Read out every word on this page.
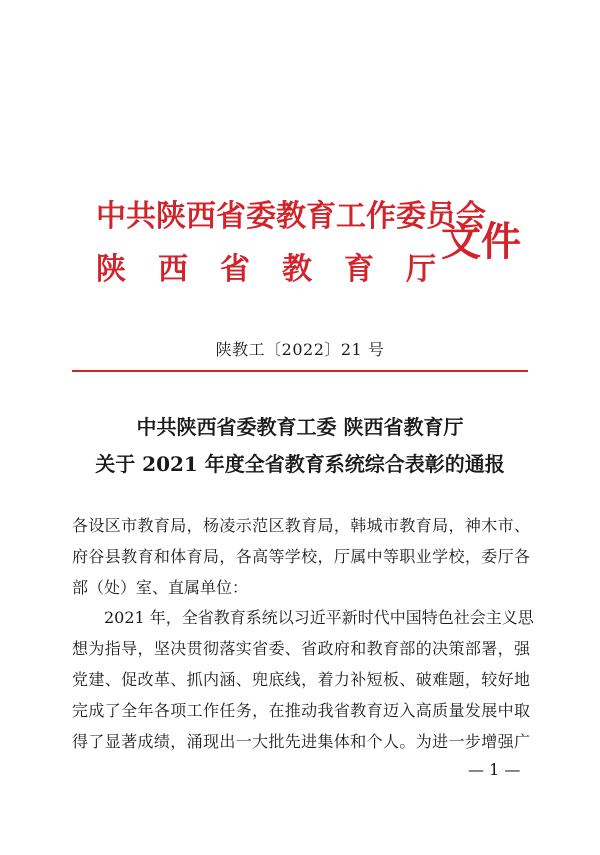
中共陕西省委教育工作委员会
陕 西 省 教 育 厅
文件
陕教工〔2022〕21 号
中共陕西省委教育工委 陕西省教育厅
关于 2021 年度全省教育系统综合表彰的通报
各设区市教育局，杨凌示范区教育局，韩城市教育局，神木市、
府谷县教育和体育局，各高等学校，厅属中等职业学校，委厅各
部（处）室、直属单位：
2021 年，全省教育系统以习近平新时代中国特色社会主义思
想为指导，坚决贯彻落实省委、省政府和教育部的决策部署，强
党建、促改革、抓内涵、兜底线，着力补短板、破难题，较好地
完成了全年各项工作任务，在推动我省教育迈入高质量发展中取
得了显著成绩，涌现出一大批先进集体和个人。为进一步增强广
— 1 —
